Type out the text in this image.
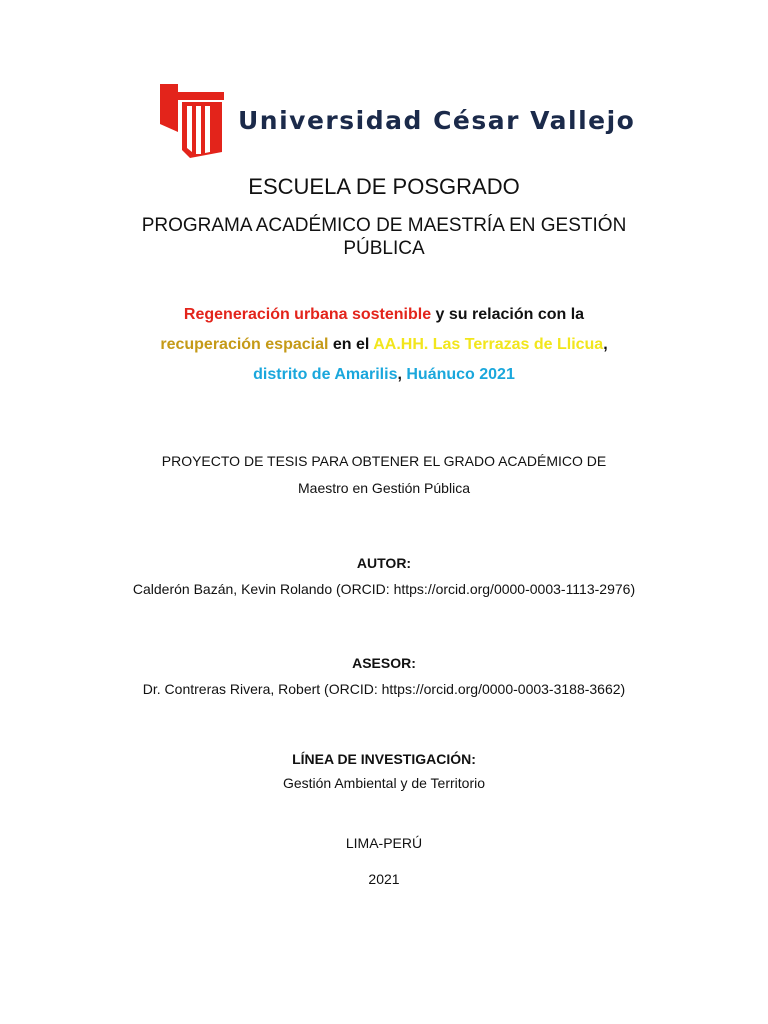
Universidad César Vallejo
ESCUELA DE POSGRADO
PROGRAMA ACADÉMICO DE MAESTRÍA EN GESTIÓN PÚBLICA
Regeneración urbana sostenible y su relación con la
recuperación espacial en el AA.HH. Las Terrazas de Llicua,
distrito de Amarilis, Huánuco 2021
PROYECTO DE TESIS PARA OBTENER EL GRADO ACADÉMICO DE
Maestro en Gestión Pública
AUTOR:
Calderón Bazán, Kevin Rolando (ORCID: https://orcid.org/0000-0003-1113-2976)
ASESOR:
Dr. Contreras Rivera, Robert (ORCID: https://orcid.org/0000-0003-3188-3662)
LÍNEA DE INVESTIGACIÓN:
Gestión Ambiental y de Territorio
LIMA-PERÚ
2021
